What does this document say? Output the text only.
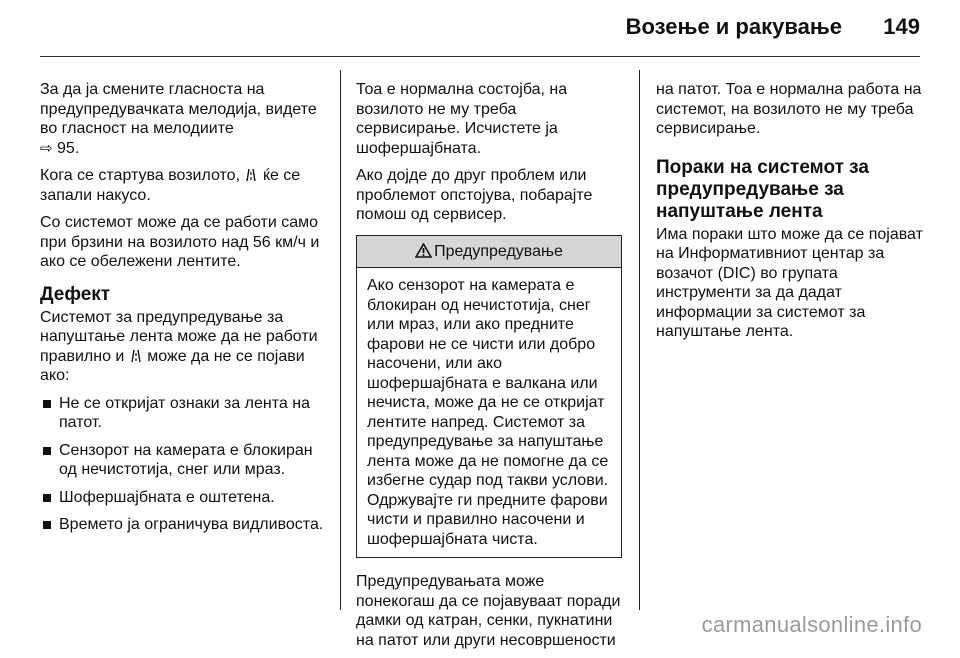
Возење и ракување 149

За да ја смените гласноста на предупредувачката мелодија, видете во гласност на мелодиите
⇨ 95.

Кога се стартува возилото, ќе се запали накусо.

Со системот може да се работи само при брзини на возилото над 56 км/ч и ако се обележени лентите.

Дефект

Системот за предупредување за напуштање лента може да не работи правилно и може да не се појави ако:

Не се откријат ознаки за лента на патот.
Сензорот на камерата е блокиран од нечистотија, снег или мраз.
Шофершајбната е оштетена.
Времето ја ограничува видливоста.

Тоа е нормална состојба, на возилото не му треба сервисирање. Исчистете ја шофершајбната.

Ако дојде до друг проблем или проблемот опстојува, побарајте помош од сервисер.

Предупредување
Ако сензорот на камерата е блокиран од нечистотија, снег или мраз, или ако предните фарови не се чисти или добро насочени, или ако шофершајбната е валкана или нечиста, може да не се откријат лентите напред. Системот за предупредување за напуштање лента може да не помогне да се избегне судар под такви услови. Одржувајте ги предните фарови чисти и правилно насочени и шофершајбната чиста.

Предупредувањата може понекогаш да се појавуваат поради дамки од катран, сенки, пукнатини на патот или други несовршености

на патот. Тоа е нормална работа на системот, на возилото не му треба сервисирање.

Пораки на системот за предупредување за напуштање лента

Има пораки што може да се појават на Информативниот центар за возачот (DIC) во групата инструменти за да дадат информации за системот за напуштање лента.

carmanualsonline.info
